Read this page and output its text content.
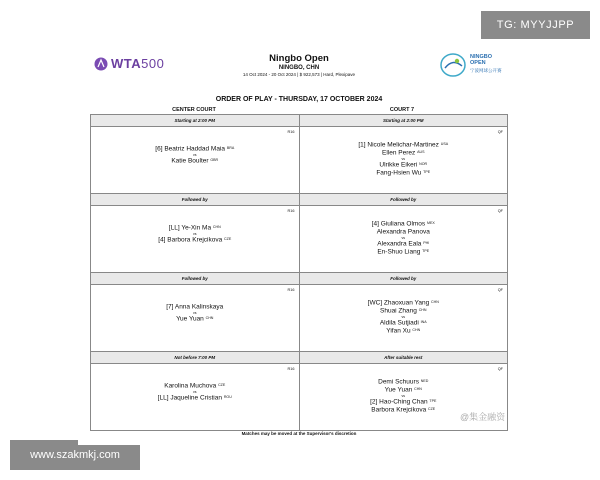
TG: MYYJJPP
www.szakmkj.com
WTA500	NINGBO
OPEN
宁波网球公开赛
Ningbo Open
NINGBO, CHN
14 Oct 2024 - 20 Oct 2024 | $ 922,573 | Hard, Plexipave
ORDER OF PLAY - THURSDAY, 17 OCTOBER 2024
CENTER COURT	COURT 7
Starting at 2:00 PM
R16
[6] Beatriz Haddad Maia BRA
vs
Katie Boulter GBR
Starting at 2:00 PM
QF
[1] Nicole Melichar-Martinez USA
Ellen Perez AUS
vs
Ulrikke Eikeri NOR
Fang-Hsien Wu TPE
Followed by
R16
[LL] Ye-Xin Ma CHN
vs
[4] Barbora Krejcikova CZE
Followed by
QF
[4] Giuliana Olmos MEX
Alexandra Panova
vs
Alexandra Eala PHI
En-Shuo Liang TPE
Followed by
R16
[7] Anna Kalinskaya
vs
Yue Yuan CHN
Followed by
QF
[WC] Zhaoxuan Yang CHN
Shuai Zhang CHN
vs
Aldila Sutjiadi INA
Yifan Xu CHN
Not before 7:00 PM
R16
Karolina Muchova CZE
vs
[LL] Jaqueline Cristian ROU
After suitable rest
QF
Demi Schuurs NED
Yue Yuan CHN
vs
[2] Hao-Ching Chan TPE
Barbora Krejcikova CZE
Matches may be moved at the Supervisor's discretion
@集金融资
